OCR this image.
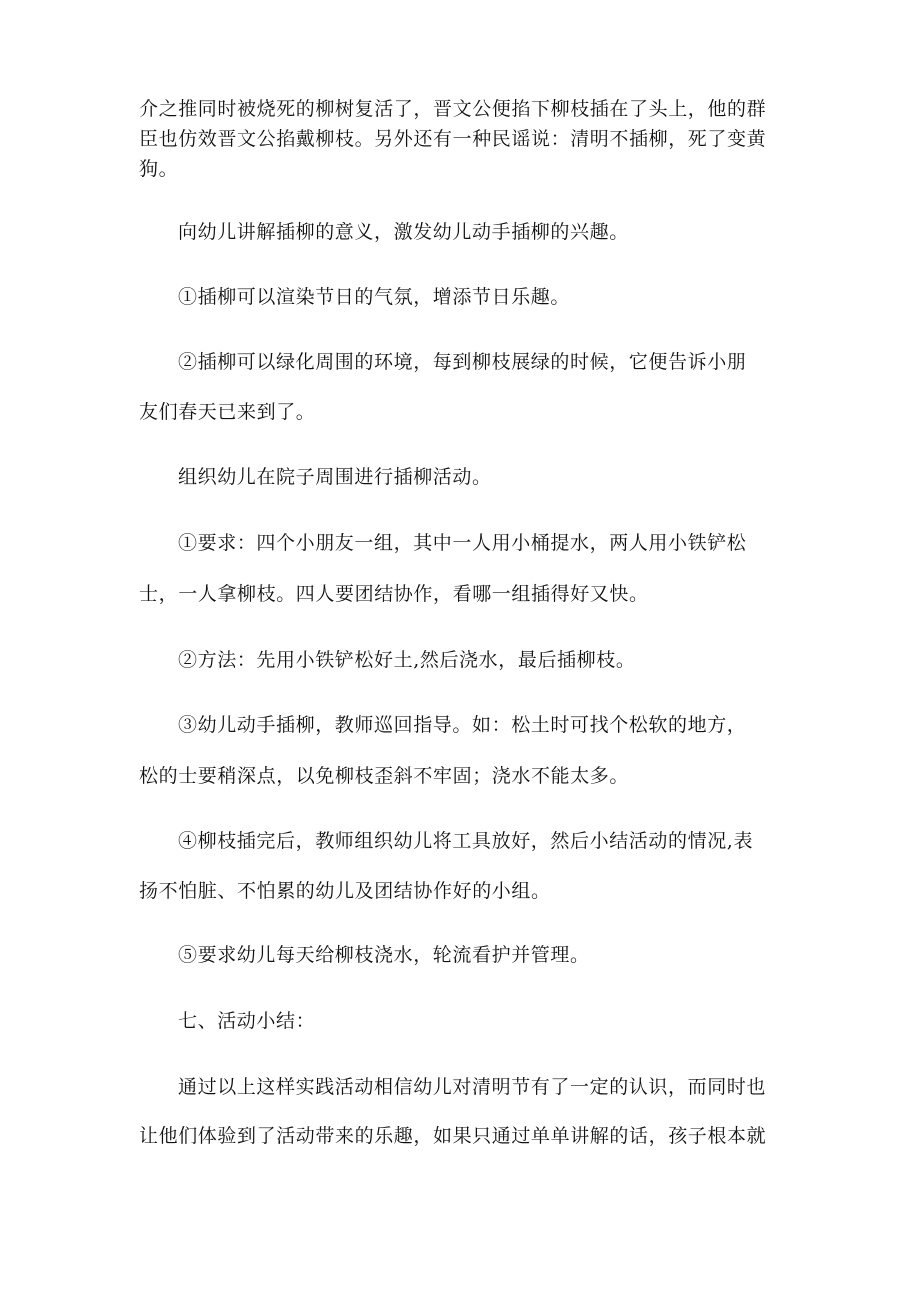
介之推同时被烧死的柳树复活了，晋文公便掐下柳枝插在了头上，他的群
臣也仿效晋文公掐戴柳枝。另外还有一种民谣说：清明不插柳，死了变黄
狗。
向幼儿讲解插柳的意义，激发幼儿动手插柳的兴趣。
①插柳可以渲染节日的气氛，增添节日乐趣。
②插柳可以绿化周围的环境，每到柳枝展绿的时候，它便告诉小朋
友们春天已来到了。
组织幼儿在院子周围进行插柳活动。
①要求：四个小朋友一组，其中一人用小桶提水，两人用小铁铲松
士，一人拿柳枝。四人要团结协作，看哪一组插得好又快。
②方法：先用小铁铲松好土,然后浇水，最后插柳枝。
③幼儿动手插柳，教师巡回指导。如：松土时可找个松软的地方，
松的士要稍深点，以免柳枝歪斜不牢固；浇水不能太多。
④柳枝插完后，教师组织幼儿将工具放好，然后小结活动的情况,表
扬不怕脏、不怕累的幼儿及团结协作好的小组。
⑤要求幼儿每天给柳枝浇水，轮流看护并管理。
七、活动小结：
通过以上这样实践活动相信幼儿对清明节有了一定的认识，而同时也
让他们体验到了活动带来的乐趣，如果只通过单单讲解的话，孩子根本就
